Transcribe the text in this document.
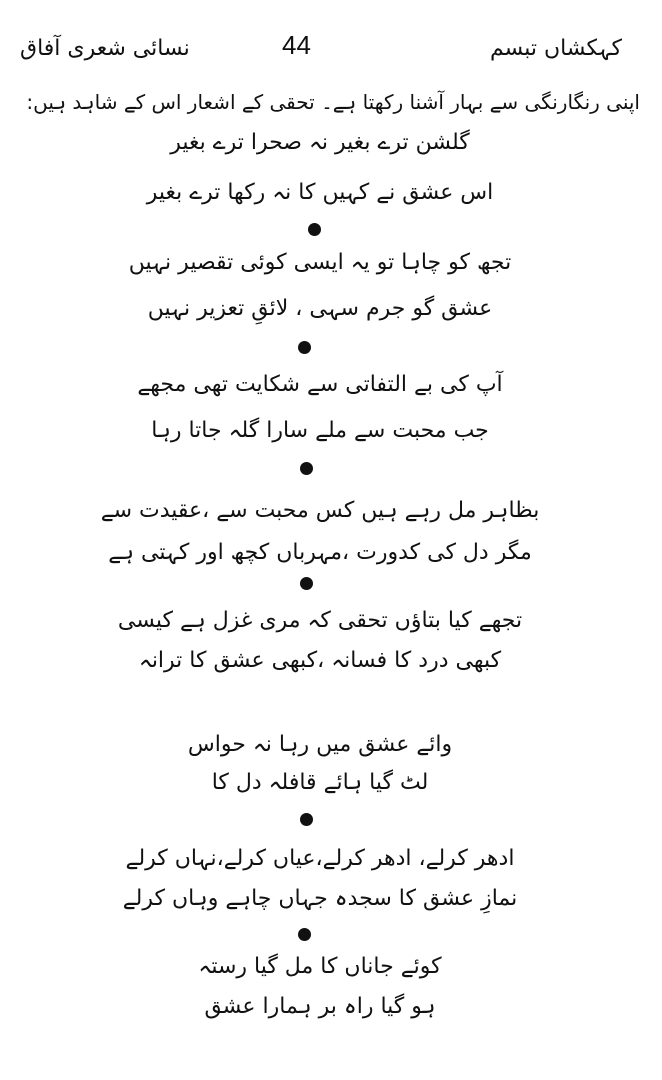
نسائی شعری آفاق	44	کہکشاں تبسم
اپنی رنگارنگی سے بہار آشنا رکھتا ہے۔ تحقی کے اشعار اس کے شاہد ہیں:
گلشن ترے بغیر نہ صحرا ترے بغیر
اس عشق نے کہیں کا نہ رکھا ترے بغیر
تجھ کو چاہا تو یہ ایسی کوئی تقصیر نہیں
عشق گو جرم سہی ، لائقِ تعزیر نہیں
آپ کی بے التفاتی سے شکایت تھی مجھے
جب محبت سے ملے سارا گلہ جاتا رہا
بظاہر مل رہے ہیں کس محبت سے ،عقیدت سے
مگر دل کی کدورت ،مہرباں کچھ اور کہتی ہے
تجھے کیا بتاؤں تحقی کہ مری غزل ہے کیسی
کبھی درد کا فسانہ ،کبھی عشق کا ترانہ
وائے عشق میں رہا نہ حواس
لٹ گیا ہائے قافلہ دل کا
ادھر کرلے، ادھر کرلے،عیاں کرلے،نہاں کرلے
نمازِ عشق کا سجدہ جہاں چاہے وہاں کرلے
کوئے جاناں کا مل گیا رستہ
ہو گیا راہ بر ہمارا عشق
